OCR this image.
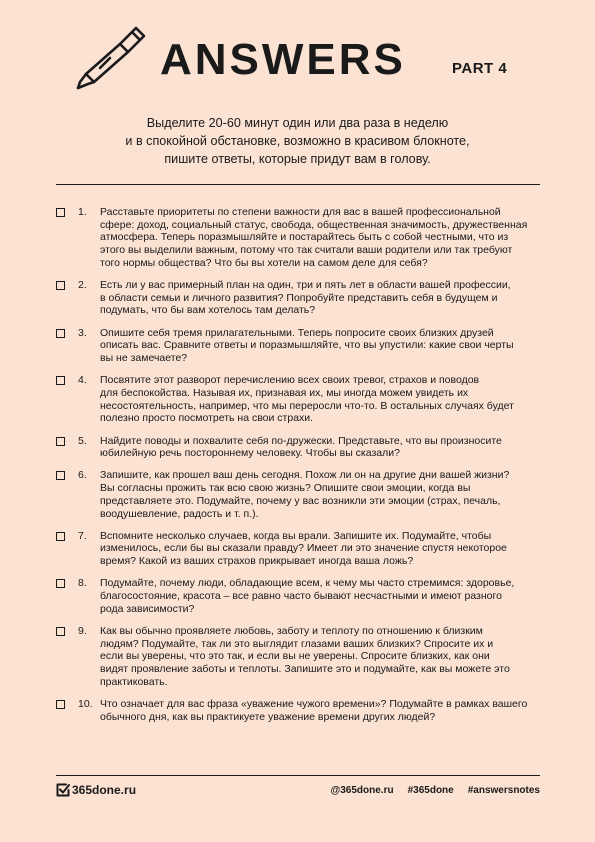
ANSWERS	PART 4

Выделите 20-60 минут один или два раза в неделю

и в спокойной обстановке, возможно в красивом блокноте,

пишите ответы, которые придут вам в голову.

1.	Расставьте приоритеты по степени важности для вас в вашей профессиональной

сфере: доход, социальный статус, свобода, общественная значимость, дружественная

атмосфера. Теперь поразмышляйте и постарайтесь быть с собой честными, что из

этого вы выделили важным, потому что так считали ваши родители или так требуют

того нормы общества? Что бы вы хотели на самом деле для себя?

2.	Есть ли у вас примерный план на один, три и пять лет в области вашей профессии,

в области семьи и личного развития? Попробуйте представить себя в будущем и

подумать, что бы вам хотелось там делать?

3.	Опишите себя тремя прилагательными. Теперь попросите своих близких друзей

описать вас. Сравните ответы и поразмышляйте, что вы упустили: какие свои черты

вы не замечаете?

4.	Посвятите этот разворот перечислению всех своих тревог, страхов и поводов

для беспокойства. Называя их, признавая их, мы иногда можем увидеть их

несостоятельность, например, что мы переросли что-то. В остальных случаях будет

полезно просто посмотреть на свои страхи.

5.	Найдите поводы и похвалите себя по-дружески. Представьте, что вы произносите

юбилейную речь постороннему человеку. Чтобы вы сказали?

6.	Запишите, как прошел ваш день сегодня. Похож ли он на другие дни вашей жизни?

Вы согласны прожить так всю свою жизнь? Опишите свои эмоции, когда вы

представляете это. Подумайте, почему у вас возникли эти эмоции (страх, печаль,

воодушевление, радость и т. п.).

7.	Вспомните несколько случаев, когда вы врали. Запишите их. Подумайте, чтобы

изменилось, если бы вы сказали правду? Имеет ли это значение спустя некоторое

время? Какой из ваших страхов прикрывает иногда ваша ложь?

8.	Подумайте, почему люди, обладающие всем, к чему мы часто стремимся: здоровье,

благосостояние, красота – все равно часто бывают несчастными и имеют разного

рода зависимости?

9.	Как вы обычно проявляете любовь, заботу и теплоту по отношению к близким

людям? Подумайте, так ли это выглядит глазами ваших близких? Спросите их и

если вы уверены, что это так, и если вы не уверены. Спросите близких, как они

видят проявление заботы и теплоты. Запишите это и подумайте, как вы можете это

практиковать.

10. Что означает для вас фраза «уважение чужого времени»? Подумайте в рамках вашего

обычного дня, как вы практикуете уважение времени других людей?

365done.ru	@365done.ru #365done #answersnotes
